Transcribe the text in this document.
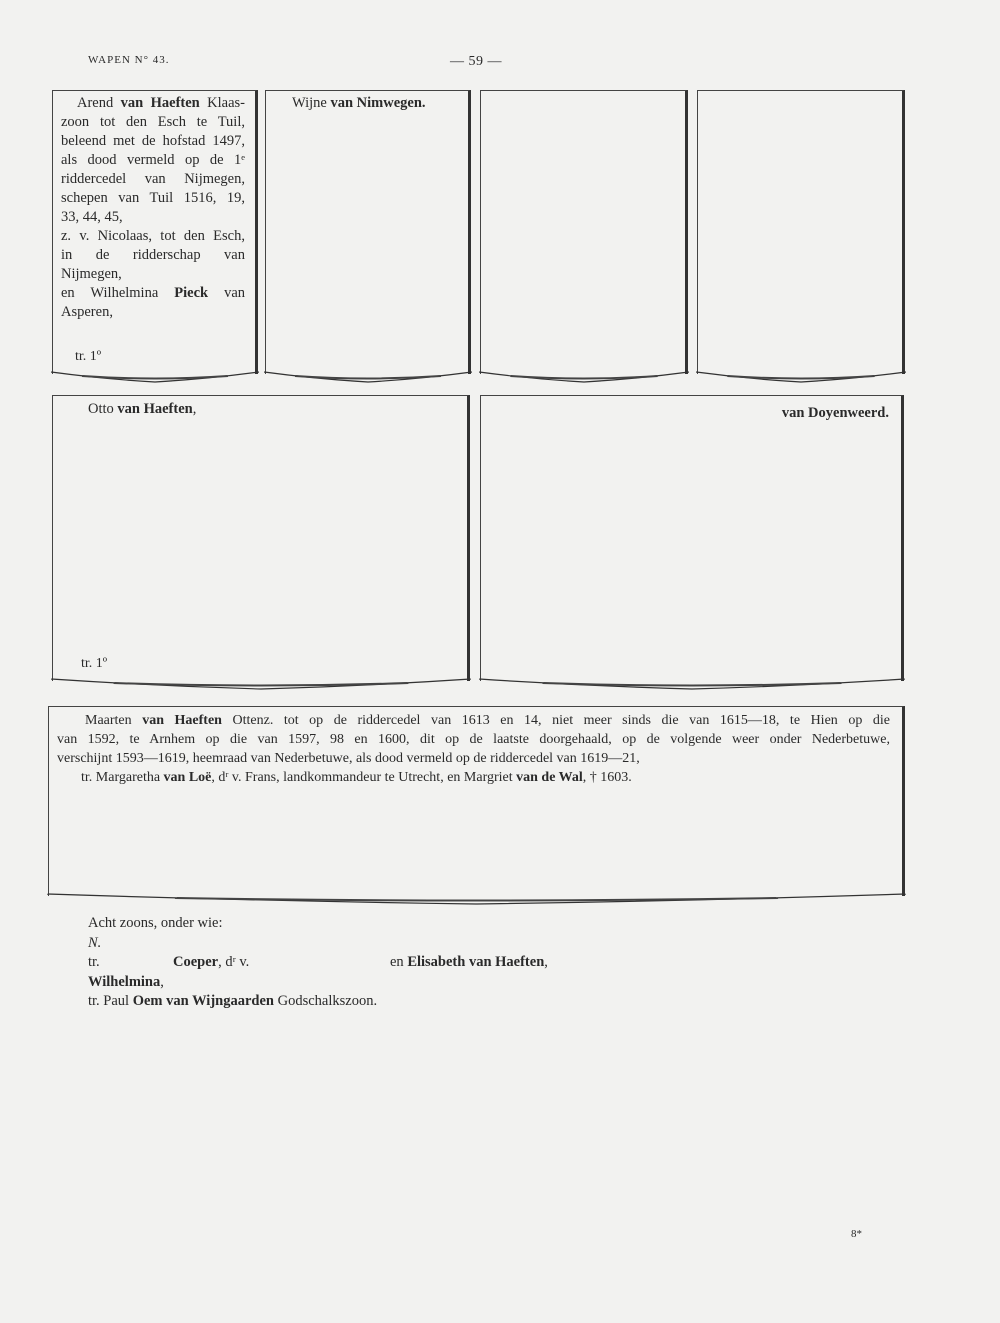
WAPEN N° 43.	— 59 —
Arend van Haeften Klaas-
zoon tot den Esch te Tuil,
beleend met de hofstad 1497,
als dood vermeld op de 1ᵉ
riddercedel van Nijmegen,
schepen van Tuil 1516, 19,
33, 44, 45,
z. v. Nicolaas, tot den Esch,
in de ridderschap van Nijmegen,
en Wilhelmina Pieck van
Asperen,
tr. 1º
Wijne van Nimwegen.
Otto van Haeften,
tr. 1º
van Doyenweerd.
Maarten van Haeften Ottenz. tot op de riddercedel van 1613 en 14, niet meer sinds die van 1615—18, te Hien op die
van 1592, te Arnhem op die van 1597, 98 en 1600, dit op de laatste doorgehaald, op de volgende weer onder Nederbetuwe,
verschijnt 1593—1619, heemraad van Nederbetuwe, als dood vermeld op de riddercedel van 1619—21,
tr. Margaretha van Loë, dʳ v. Frans, landkommandeur te Utrecht, en Margriet van de Wal, † 1603.
Acht zoons, onder wie:
N.
tr.	Coeper, dʳ v.	en Elisabeth van Haeften,
Wilhelmina,
tr. Paul Oem van Wijngaarden Godschalkszoon.
8*
